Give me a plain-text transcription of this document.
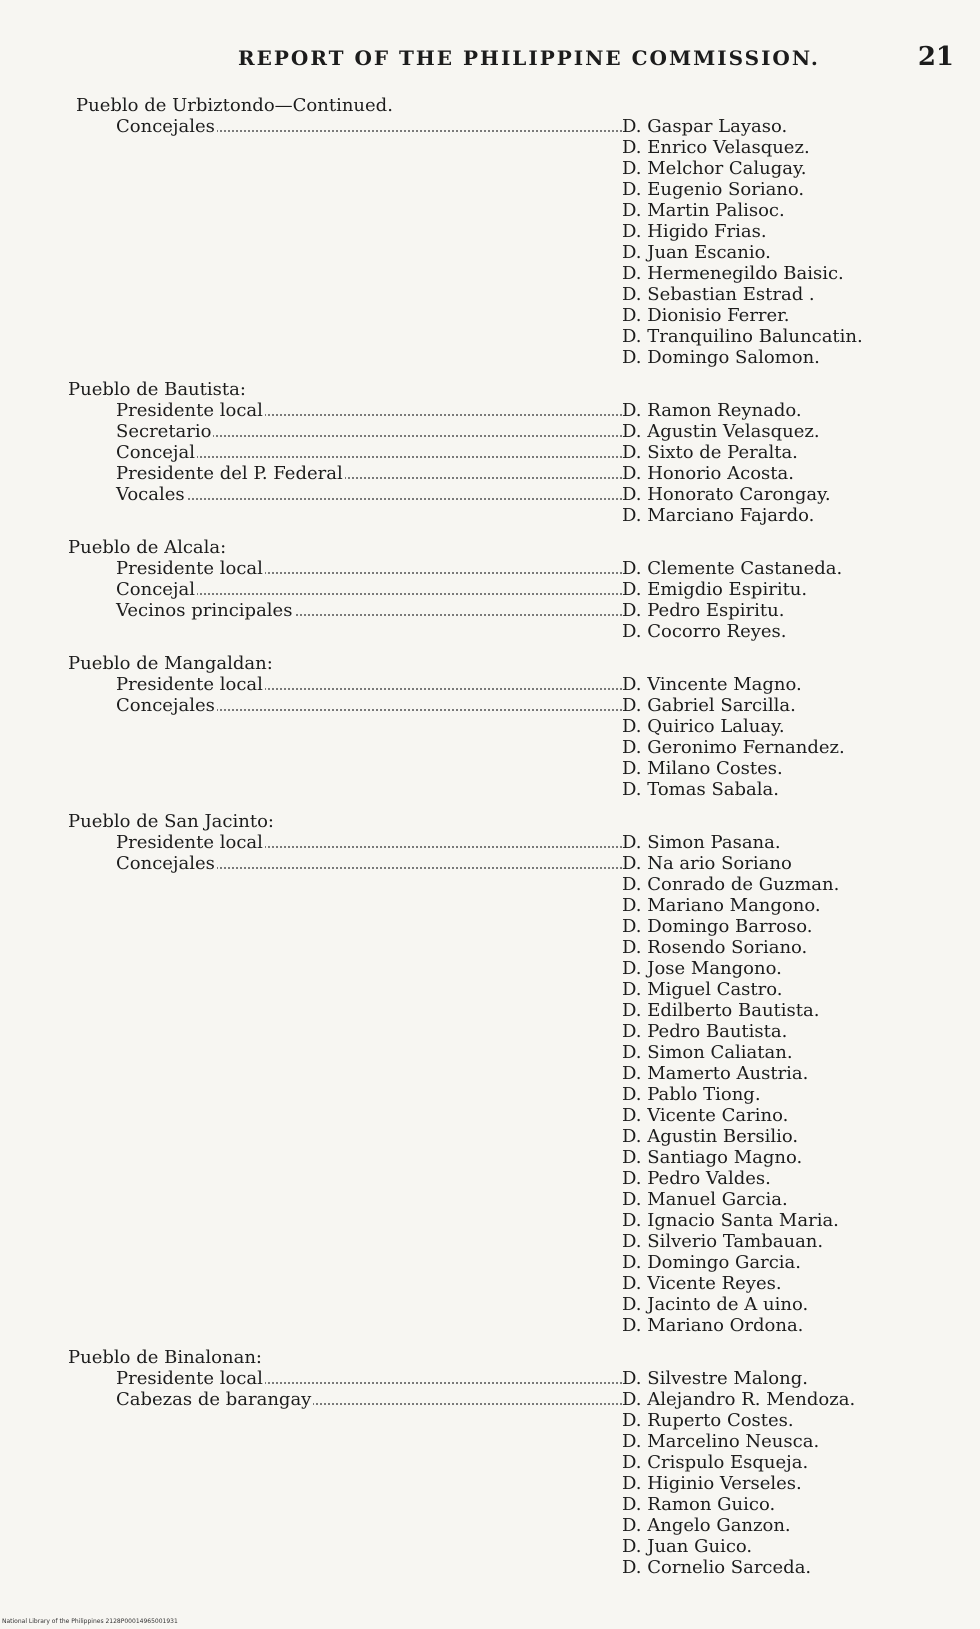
REPORT OF THE PHILIPPINE COMMISSION.	21
Pueblo de Urbiztondo—Continued.
Concejales	D. Gaspar Layaso.
D. Enrico Velasquez.
D. Melchor Calugay.
D. Eugenio Soriano.
D. Martin Palisoc.
D. Higido Frias.
D. Juan Escanio.
D. Hermenegildo Baisic.
D. Sebastian Estrad .
D. Dionisio Ferrer.
D. Tranquilino Baluncatin.
D. Domingo Salomon.
Pueblo de Bautista:
Presidente local	D. Ramon Reynado.
Secretario	D. Agustin Velasquez.
Concejal	D. Sixto de Peralta.
Presidente del P. Federal	D. Honorio Acosta.
Vocales	D. Honorato Carongay.
D. Marciano Fajardo.
Pueblo de Alcala:
Presidente local	D. Clemente Castaneda.
Concejal	D. Emigdio Espiritu.
Vecinos principales	D. Pedro Espiritu.
D. Cocorro Reyes.
Pueblo de Mangaldan:
Presidente local	D. Vincente Magno.
Concejales	D. Gabriel Sarcilla.
D. Quirico Laluay.
D. Geronimo Fernandez.
D. Milano Costes.
D. Tomas Sabala.
Pueblo de San Jacinto:
Presidente local	D. Simon Pasana.
Concejales	D. Na ario Soriano
D. Conrado de Guzman.
D. Mariano Mangono.
D. Domingo Barroso.
D. Rosendo Soriano.
D. Jose Mangono.
D. Miguel Castro.
D. Edilberto Bautista.
D. Pedro Bautista.
D. Simon Caliatan.
D. Mamerto Austria.
D. Pablo Tiong.
D. Vicente Carino.
D. Agustin Bersilio.
D. Santiago Magno.
D. Pedro Valdes.
D. Manuel Garcia.
D. Ignacio Santa Maria.
D. Silverio Tambauan.
D. Domingo Garcia.
D. Vicente Reyes.
D. Jacinto de A uino.
D. Mariano Ordona.
Pueblo de Binalonan:
Presidente local	D. Silvestre Malong.
Cabezas de barangay	D. Alejandro R. Mendoza.
D. Ruperto Costes.
D. Marcelino Neusca.
D. Crispulo Esqueja.
D. Higinio Verseles.
D. Ramon Guico.
D. Angelo Ganzon.
D. Juan Guico.
D. Cornelio Sarceda.
National Library of the Philippines 2128P00014965001931
